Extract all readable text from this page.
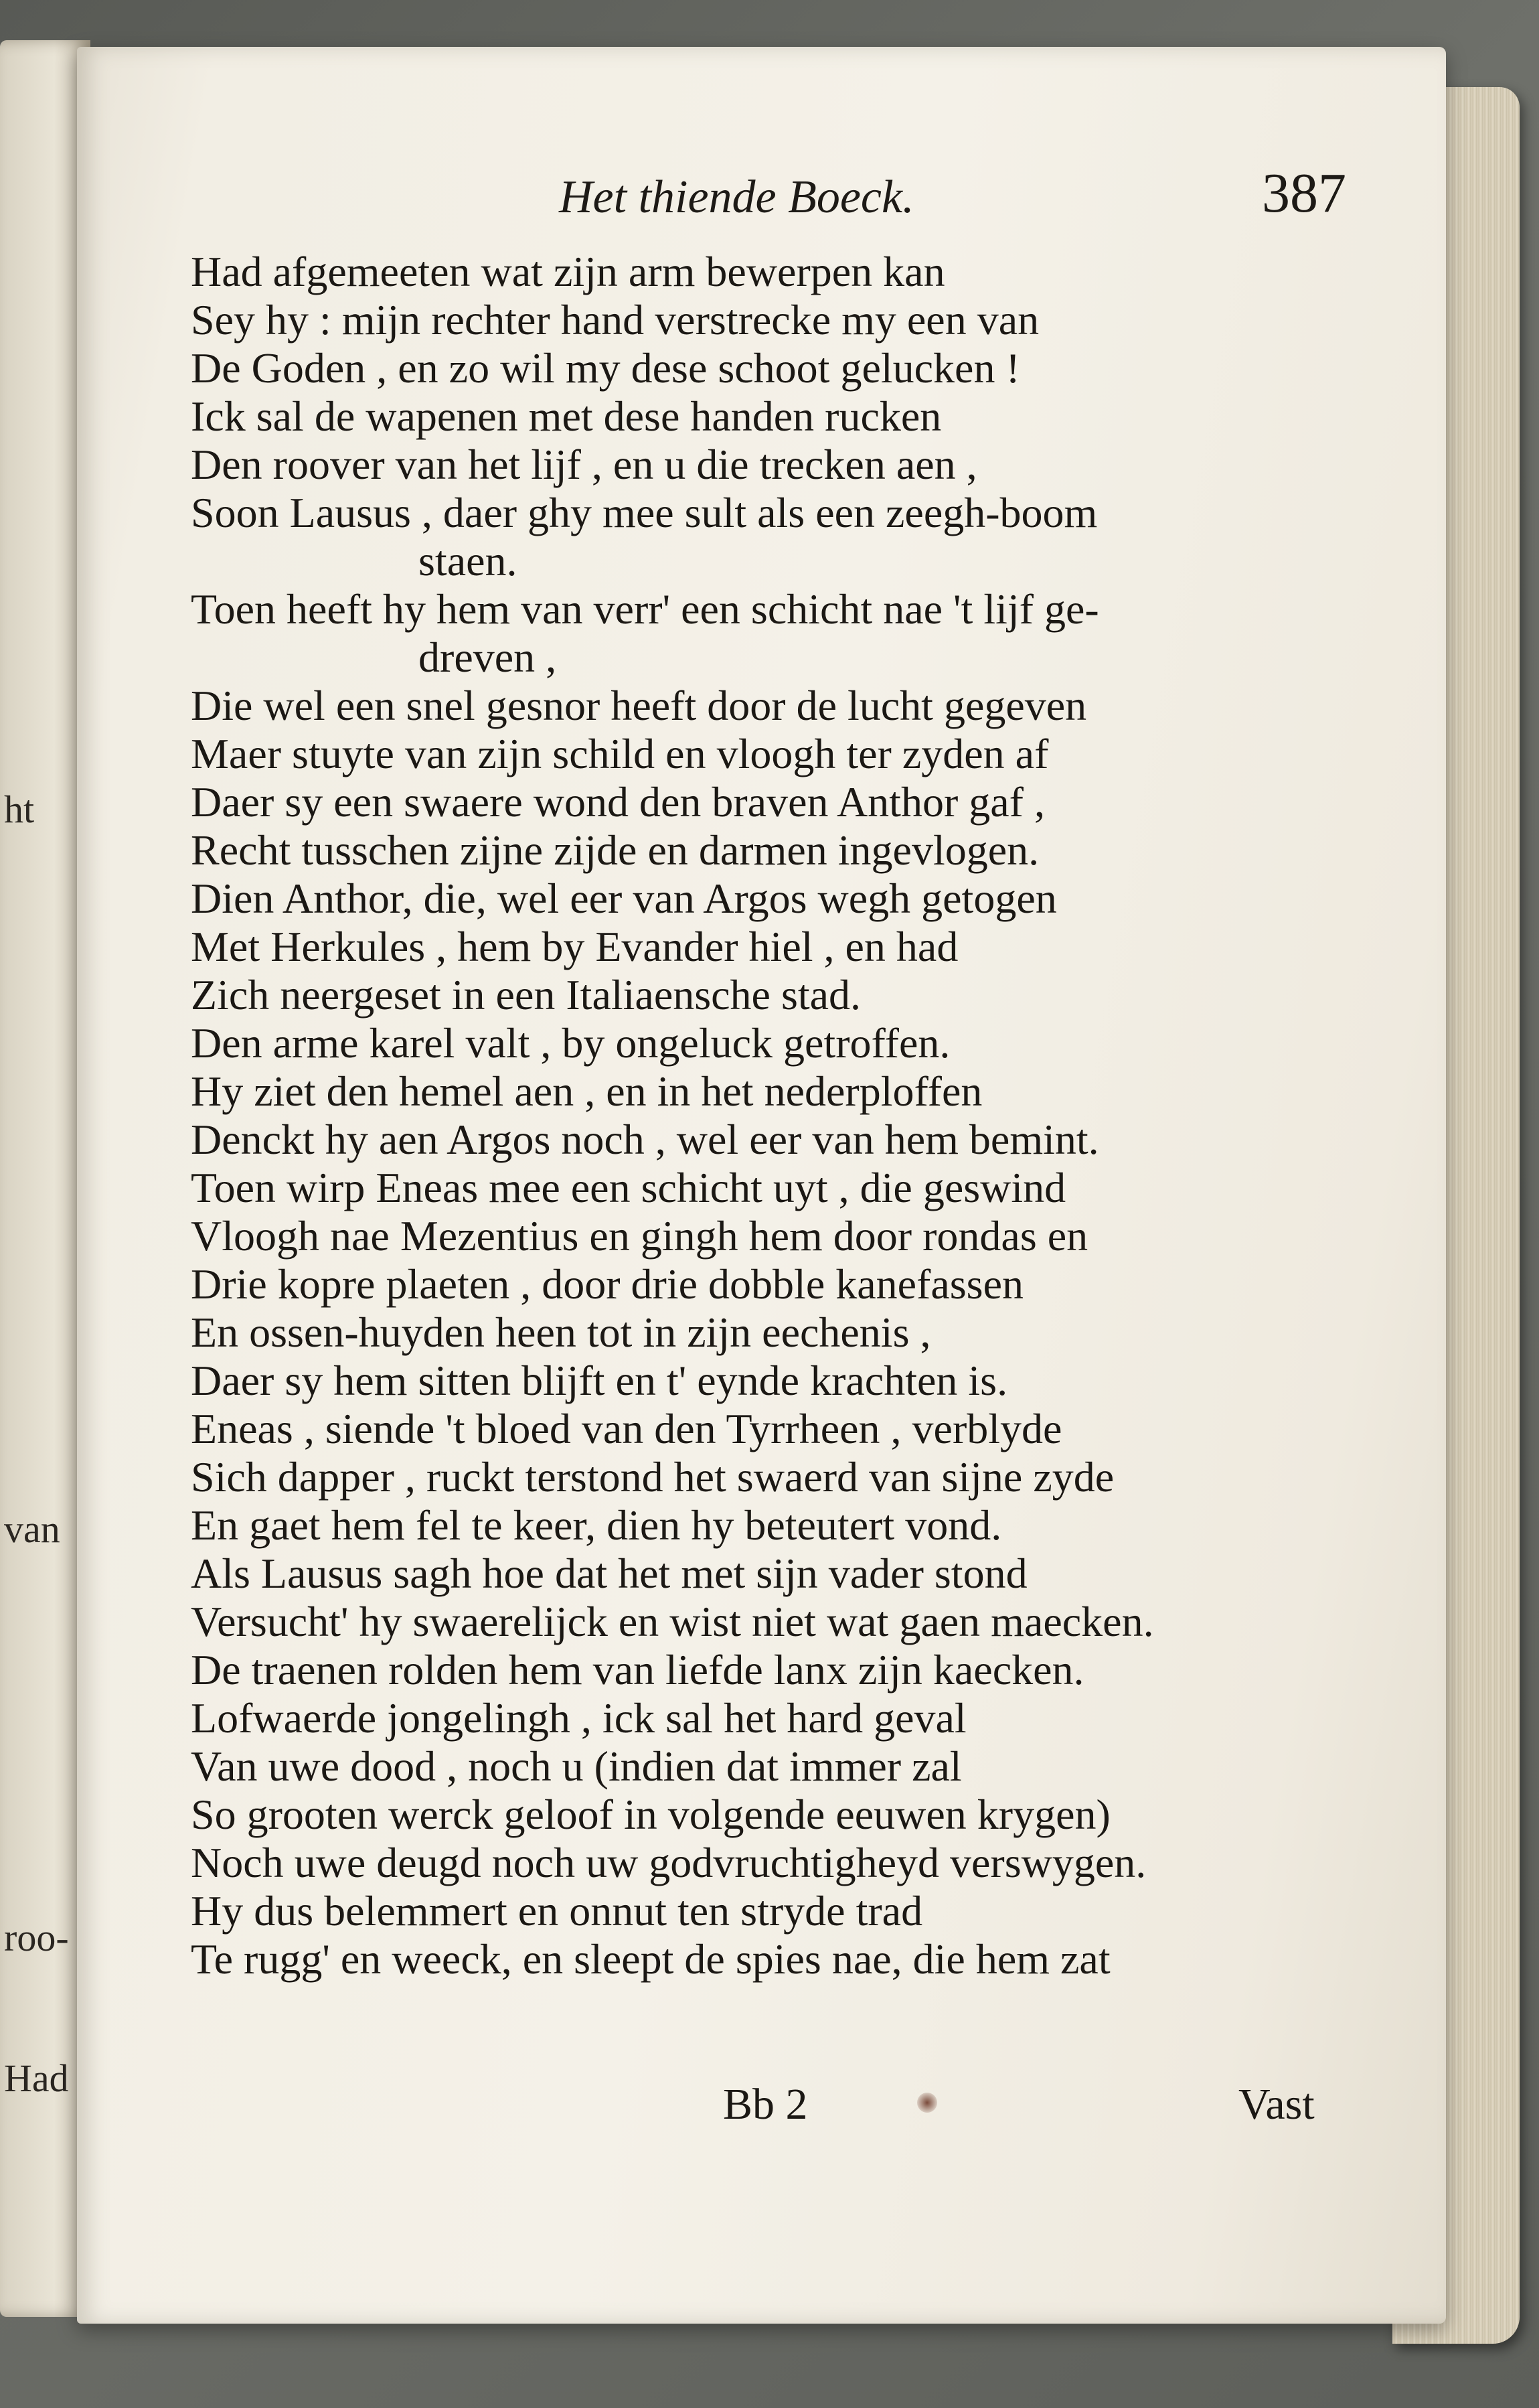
ht
van
roo-
Had
Het thiende Boeck.	387
Had afgemeeten wat zijn arm bewerpen kan
Sey hy : mijn rechter hand verstrecke my een van
De Goden , en zo wil my dese schoot gelucken !
Ick sal de wapenen met dese handen rucken
Den roover van het lijf , en u die trecken aen ,
Soon Lausus , daer ghy mee sult als een zeegh-boom
staen.
Toen heeft hy hem van verr' een schicht nae 't lijf ge-
dreven ,
Die wel een snel gesnor heeft door de lucht gegeven
Maer stuyte van zijn schild en vloogh ter zyden af
Daer sy een swaere wond den braven Anthor gaf ,
Recht tusschen zijne zijde en darmen ingevlogen.
Dien Anthor, die, wel eer van Argos wegh getogen
Met Herkules , hem by Evander hiel , en had
Zich neergeset in een Italiaensche stad.
Den arme karel valt , by ongeluck getroffen.
Hy ziet den hemel aen , en in het nederploffen
Denckt hy aen Argos noch , wel eer van hem bemint.
Toen wirp Eneas mee een schicht uyt , die geswind
Vloogh nae Mezentius en gingh hem door rondas en
Drie kopre plaeten , door drie dobble kanefassen
En ossen-huyden heen tot in zijn eechenis ,
Daer sy hem sitten blijft en t' eynde krachten is.
Eneas , siende 't bloed van den Tyrrheen , verblyde
Sich dapper , ruckt terstond het swaerd van sijne zyde
En gaet hem fel te keer, dien hy beteutert vond.
Als Lausus sagh hoe dat het met sijn vader stond
Versucht' hy swaerelijck en wist niet wat gaen maecken.
De traenen rolden hem van liefde lanx zijn kaecken.
Lofwaerde jongelingh , ick sal het hard geval
Van uwe dood , noch u (indien dat immer zal
So grooten werck geloof in volgende eeuwen krygen)
Noch uwe deugd noch uw godvruchtigheyd verswygen.
Hy dus belemmert en onnut ten stryde trad
Te rugg' en weeck, en sleept de spies nae, die hem zat
Bb 2	Vast
